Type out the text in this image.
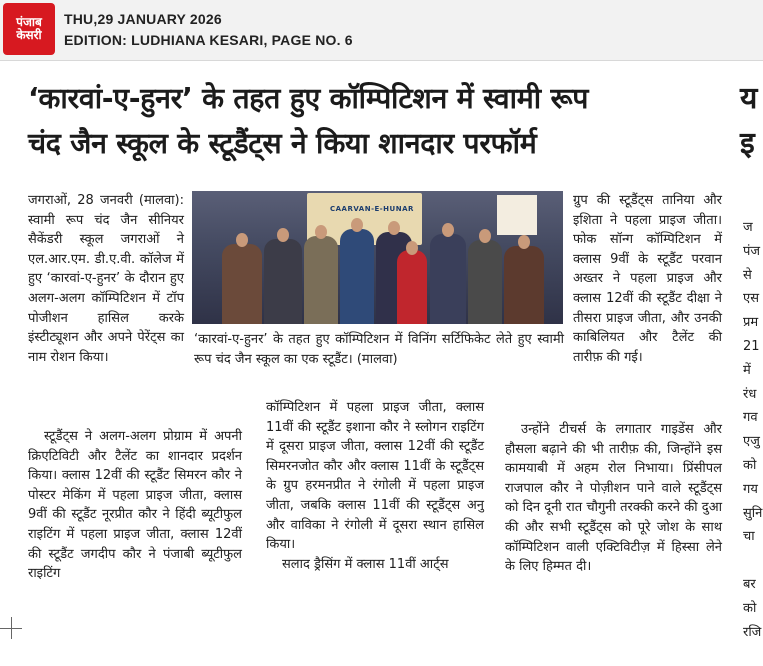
पंजाब
केसरी
THU,29 JANUARY 2026
EDITION: LUDHIANA KESARI, PAGE NO. 6
‘कारवां-ए-हुनर’ के तहत हुए कॉम्पिटिशन में स्वामी रूप
चंद जैन स्कूल के स्टूडैंट्स ने किया शानदार परफॉर्म
य
इ

जगराओं, 28 जनवरी (मालवा): स्वामी रूप चंद जैन सीनियर सैकेंडरी स्कूल जगराओं ने एल.आर.एम. डी.ए.वी. कॉलेज में हुए ‘कारवां-ए-हुनर’ के दौरान हुए अलग-अलग कॉम्पिटिशन में टॉप पोजीशन हासिल करके इंस्टीट्यूशन और अपने पेरेंट्स का नाम रोशन किया।

स्टूडैंट्स ने अलग-अलग प्रोग्राम में अपनी क्रिएटिविटी और टैलेंट का शानदार प्रदर्शन किया। क्लास 12वीं की स्टूडैंट सिमरन कौर ने पोस्टर मेकिंग में पहला प्राइज जीता, क्लास 9वीं की स्टूडैंट नूरप्रीत कौर ने हिंदी ब्यूटीफुल राइटिंग में पहला प्राइज जीता, क्लास 12वीं की स्टूडैंट जगदीप कौर ने पंजाबी ब्यूटीफुल राइटिंग

CAARVAN-E-HUNAR
‘कारवां-ए-हुनर’ के तहत हुए कॉम्पिटिशन में विनिंग सर्टिफिकेट लेते हुए स्वामी रूप चंद जैन स्कूल का एक स्टूडैंट। (मालवा)

कॉम्पिटिशन में पहला प्राइज जीता, क्लास 11वीं की स्टूडैंट इशाना कौर ने स्लोगन राइटिंग में दूसरा प्राइज जीता, क्लास 12वीं की स्टूडैंट सिमरनजोत कौर और क्लास 11वीं के स्टूडैंट्स के ग्रुप हरमनप्रीत ने रंगोली में पहला प्राइज जीता, जबकि क्लास 11वीं की स्टूडैंट्स अनु और वाविका ने रंगोली में दूसरा स्थान हासिल किया।

सलाद ड्रैसिंग में क्लास 11वीं आर्ट्स

ग्रुप की स्टूडैंट्स तानिया और इशिता ने पहला प्राइज जीता। फोक सॉन्ग कॉम्पिटिशन में क्लास 9वीं के स्टूडैंट परवान अख्तर ने पहला प्राइज और क्लास 12वीं की स्टूडैंट दीक्षा ने तीसरा प्राइज जीता, और उनकी काबिलियत और टैलेंट की तारीफ़ की गई।

उन्होंने टीचर्स के लगातार गाइडेंस और हौसला बढ़ाने की भी तारीफ़ की, जिन्होंने इस कामयाबी में अहम रोल निभाया। प्रिंसीपल राजपाल कौर ने पोज़ीशन पाने वाले स्टूडैंट्स को दिन दूनी रात चौगुनी तरक्की करने की दुआ की और सभी स्टूडैंट्स को पूरे जोश के साथ कॉम्पिटिशन वाली एक्टिविटीज़ में हिस्सा लेने के लिए हिम्मत दी।

ज
पंज
से
एस
प्रम
21
में
रंध
गव
एजु
को
गय
सुनि
चा

बर
को
रजि
